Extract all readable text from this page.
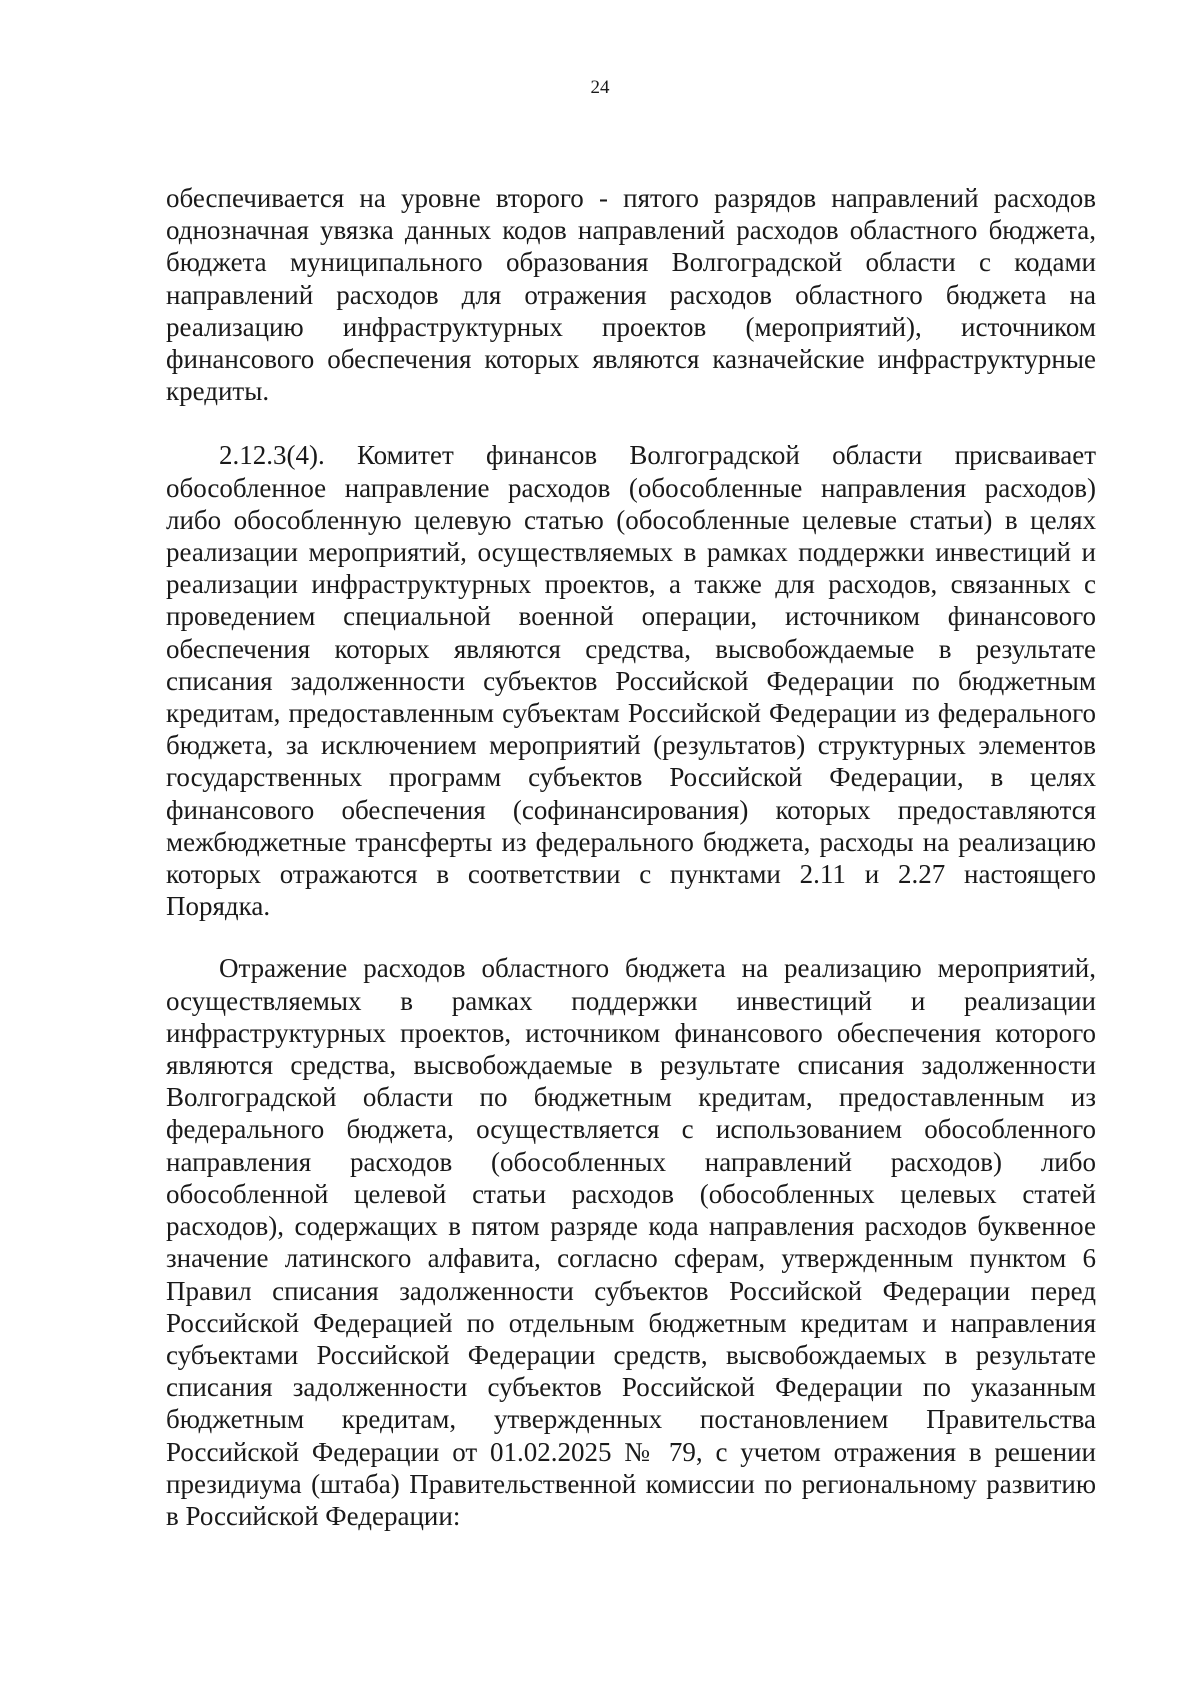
24

обеспечивается на уровне второго - пятого разрядов направлений расходов однозначная увязка данных кодов направлений расходов областного бюджета, бюджета муниципального образования Волгоградской области с кодами направлений расходов для отражения расходов областного бюджета на реализацию инфраструктурных проектов (мероприятий), источником финансового обеспечения которых являются казначейские инфраструктурные кредиты.

2.12.3(4). Комитет финансов Волгоградской области присваивает обособленное направление расходов (обособленные направления расходов) либо обособленную целевую статью (обособленные целевые статьи) в целях реализации мероприятий, осуществляемых в рамках поддержки инвестиций и реализации инфраструктурных проектов, а также для расходов, связанных с проведением специальной военной операции, источником финансового обеспечения которых являются средства, высвобождаемые в результате списания задолженности субъектов Российской Федерации по бюджетным кредитам, предоставленным субъектам Российской Федерации из федерального бюджета, за исключением мероприятий (результатов) структурных элементов государственных программ субъектов Российской Федерации, в целях финансового обеспечения (софинансирования) которых предоставляются межбюджетные трансферты из федерального бюджета, расходы на реализацию которых отражаются в соответствии с пунктами 2.11 и 2.27 настоящего Порядка.

Отражение расходов областного бюджета на реализацию мероприятий, осуществляемых в рамках поддержки инвестиций и реализации инфраструктурных проектов, источником финансового обеспечения которого являются средства, высвобождаемые в результате списания задолженности Волгоградской области по бюджетным кредитам, предоставленным из федерального бюджета, осуществляется с использованием обособленного направления расходов (обособленных направлений расходов) либо обособленной целевой статьи расходов (обособленных целевых статей расходов), содержащих в пятом разряде кода направления расходов буквенное значение латинского алфавита, согласно сферам, утвержденным пунктом 6 Правил списания задолженности субъектов Российской Федерации перед Российской Федерацией по отдельным бюджетным кредитам и направления субъектами Российской Федерации средств, высвобождаемых в результате списания задолженности субъектов Российской Федерации по указанным бюджетным кредитам, утвержденных постановлением Правительства Российской Федерации от 01.02.2025 № 79, с учетом отражения в решении президиума (штаба) Правительственной комиссии по региональному развитию в Российской Федерации:
